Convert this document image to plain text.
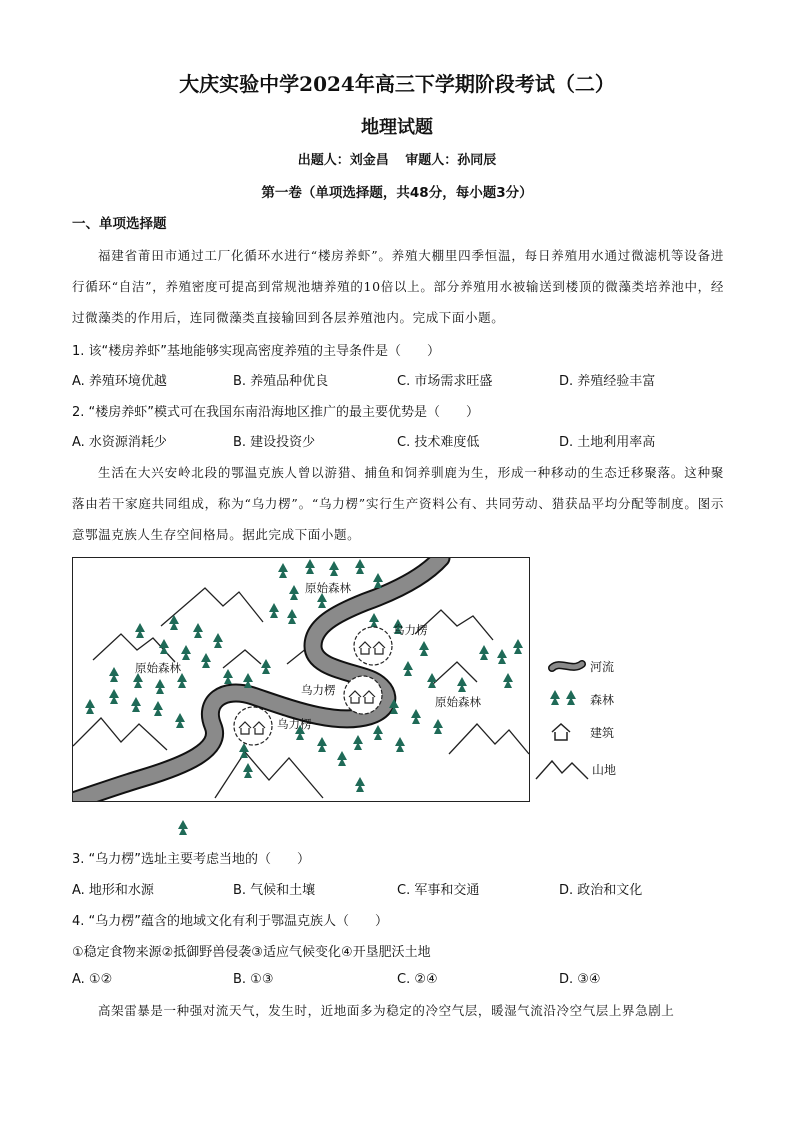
大庆实验中学2024年高三下学期阶段考试（二）
地理试题
出题人：刘金昌 审题人：孙同辰
第一卷（单项选择题，共48分，每小题3分）
一、单项选择题

福建省莆田市通过工厂化循环水进行“楼房养虾”。养殖大棚里四季恒温，每日养殖用水通过微滤机等设备进行循环“自洁”，养殖密度可提高到常规池塘养殖的10倍以上。部分养殖用水被输送到楼顶的微藻类培养池中，经过微藻类的作用后，连同微藻类直接输回到各层养殖池内。完成下面小题。

1. 该“楼房养虾”基地能够实现高密度养殖的主导条件是（　　）
A. 养殖环境优越	B. 养殖品种优良	C. 市场需求旺盛	D. 养殖经验丰富
2. “楼房养虾”模式可在我国东南沿海地区推广的最主要优势是（　　）
A. 水资源消耗少	B. 建设投资少	C. 技术难度低	D. 土地利用率高

生活在大兴安岭北段的鄂温克族人曾以游猎、捕鱼和饲养驯鹿为生，形成一种移动的生态迁移聚落。这种聚落由若干家庭共同组成，称为“乌力楞”。“乌力楞”实行生产资料公有、共同劳动、猎获品平均分配等制度。图示意鄂温克族人生存空间格局。据此完成下面小题。

原始森林
原始森林
原始森林
乌力楞
乌力楞
乌力楞
河流
森林
建筑
山地
3. “乌力楞”选址主要考虑当地的（　　）
A. 地形和水源	B. 气候和土壤	C. 军事和交通	D. 政治和文化
4. “乌力楞”蕴含的地域文化有利于鄂温克族人（　　）
①稳定食物来源②抵御野兽侵袭③适应气候变化④开垦肥沃土地
A. ①②	B. ①③	C. ②④	D. ③④

高架雷暴是一种强对流天气，发生时，近地面多为稳定的冷空气层，暖湿气流沿冷空气层上界急剧上
